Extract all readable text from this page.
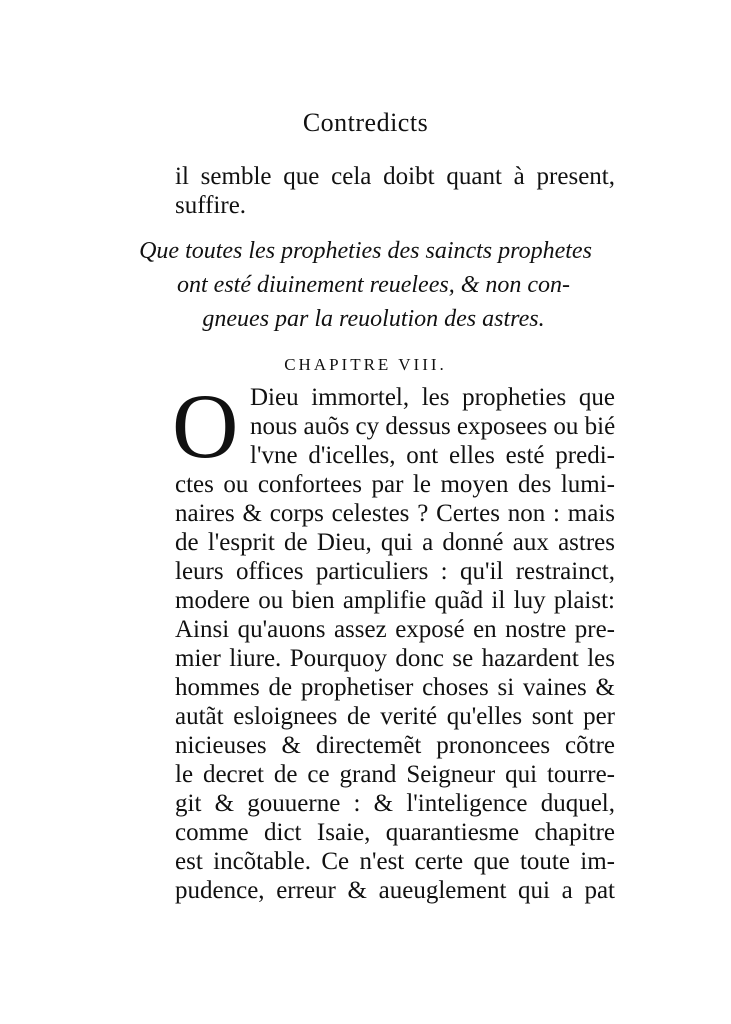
Contredicts
il semble que cela doibt quant à present,
suffire.
Que toutes les propheties des saincts prophetes
ont esté diuinement reuelees, & non con-
gneues par la reuolution des astres.
CHAPITRE VIII.
O Dieu immortel, les propheties que
nous auõs cy dessus exposees ou bié
l'vne d'icelles, ont elles esté predi-
ctes ou confortees par le moyen des lumi-
naires & corps celestes ? Certes non : mais
de l'esprit de Dieu, qui a donné aux astres
leurs offices particuliers : qu'il restrainct,
modere ou bien amplifie quãd il luy plaist:
Ainsi qu'auons assez exposé en nostre pre-
mier liure. Pourquoy donc se hazardent les
hommes de prophetiser choses si vaines &
autãt esloignees de verité qu'elles sont per
nicieuses & directemẽt prononcees cõtre
le decret de ce grand Seigneur qui tourre-
git & gouuerne : & l'inteligence duquel,
comme dict Isaie, quarantiesme chapitre
est incõtable. Ce n'est certe que toute im-
pudence, erreur & aueuglement qui a pat
